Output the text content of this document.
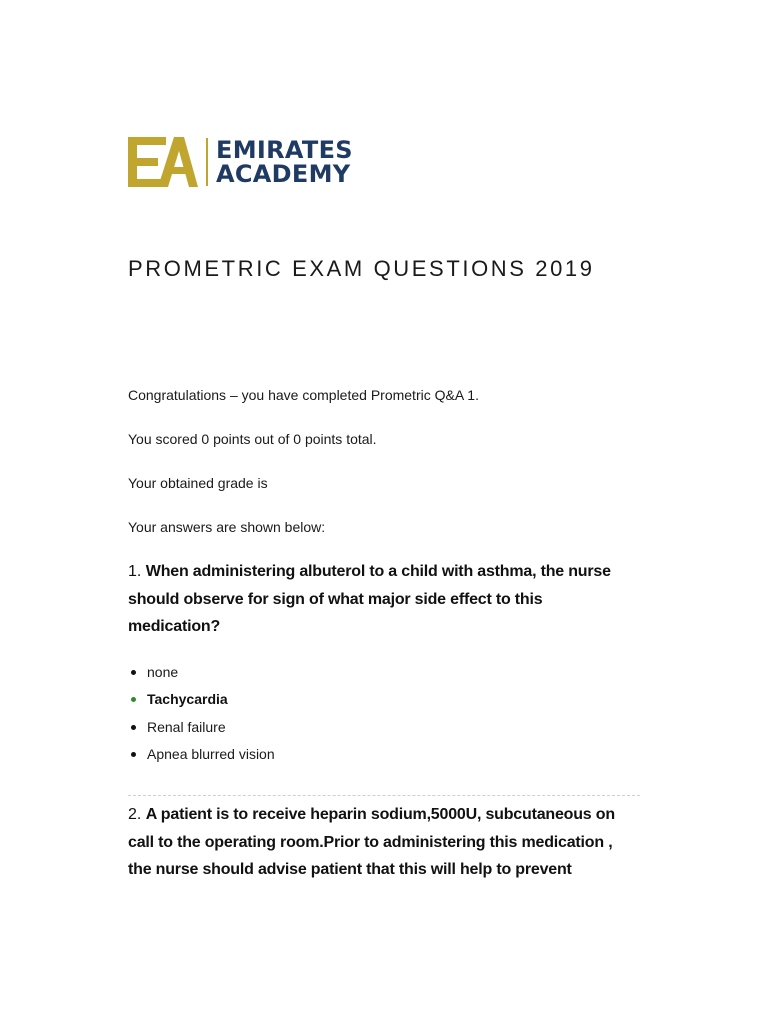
EMIRATES
ACADEMY
PROMETRIC EXAM QUESTIONS 2019
Congratulations – you have completed Prometric Q&A 1.
You scored 0 points out of 0 points total.
Your obtained grade is
Your answers are shown below:
1. When administering albuterol to a child with asthma, the nurse should observe for sign of what major side effect to this medication?
none
Tachycardia
Renal failure
Apnea blurred vision
2. A patient is to receive heparin sodium,5000U, subcutaneous on call to the operating room.Prior to administering this medication , the nurse should advise patient that this will help to prevent
